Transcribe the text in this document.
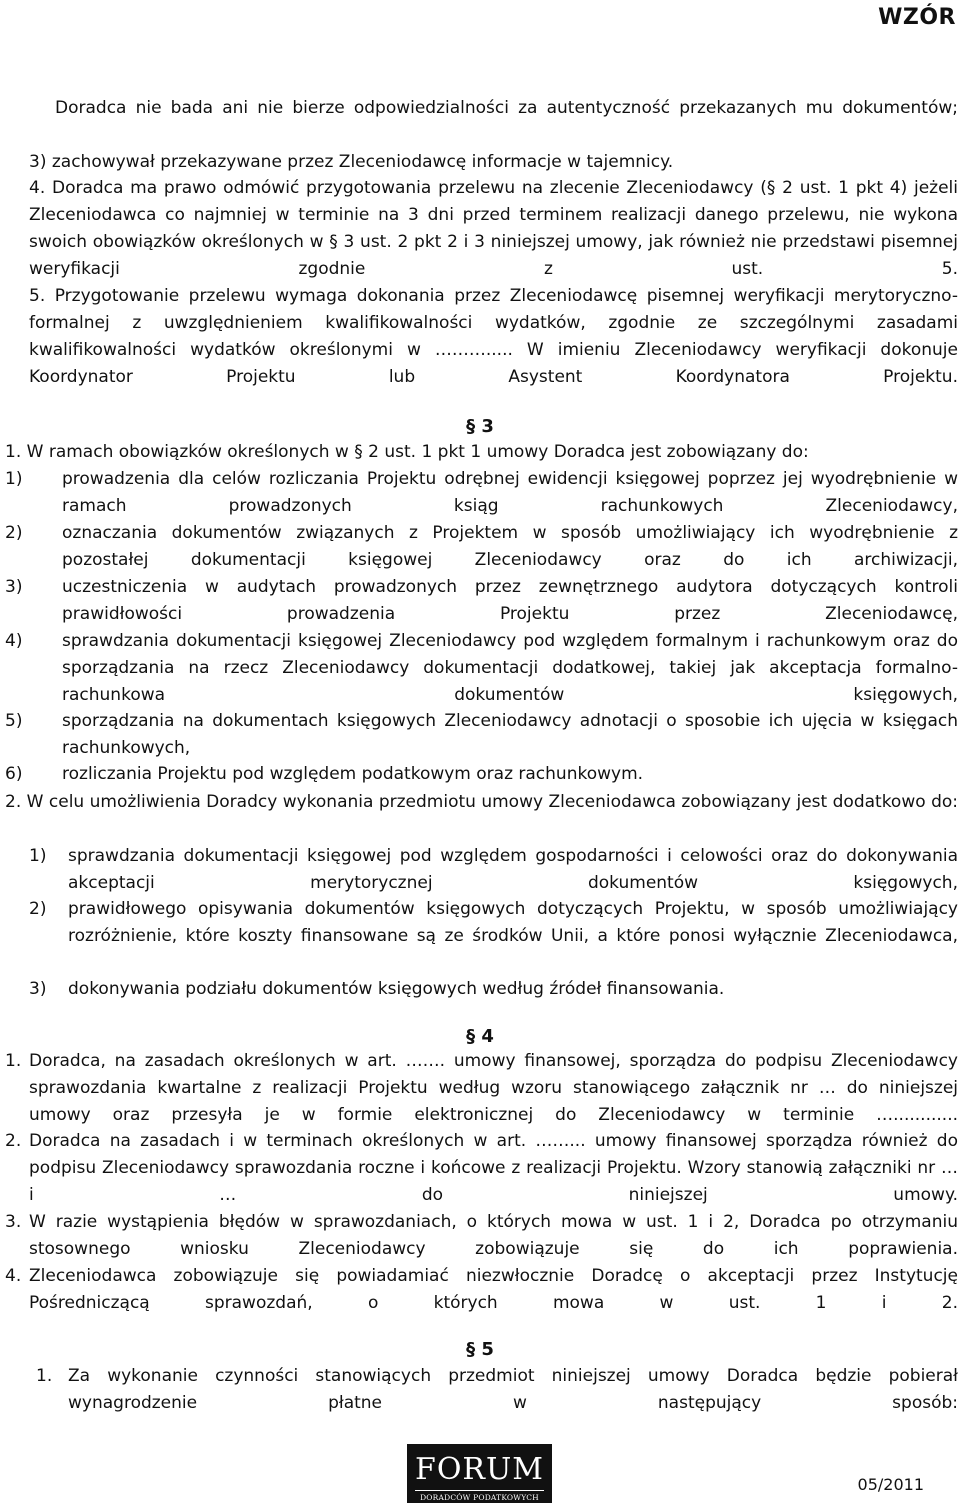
WZÓR

Doradca nie bada ani nie bierze odpowiedzialności za autentyczność przekazanych mu dokumentów;

3) zachowywał przekazywane przez Zleceniodawcę informacje w tajemnicy.

4. Doradca ma prawo odmówić przygotowania przelewu na zlecenie Zleceniodawcy (§ 2 ust. 1 pkt 4) jeżeli Zleceniodawca co najmniej w terminie na 3 dni przed terminem realizacji danego przelewu, nie wykona swoich obowiązków określonych w § 3 ust. 2 pkt 2 i 3 niniejszej umowy, jak również nie przedstawi pisemnej weryfikacji zgodnie z ust. 5.

5. Przygotowanie przelewu wymaga dokonania przez Zleceniodawcę pisemnej weryfikacji merytoryczno-formalnej z uwzględnieniem kwalifikowalności wydatków, zgodnie ze szczególnymi zasadami kwalifikowalności wydatków określonymi w ………..... W imieniu Zleceniodawcy weryfikacji dokonuje Koordynator Projektu lub Asystent Koordynatora Projektu.

§ 3

1. W ramach obowiązków określonych w § 2 ust. 1 pkt 1 umowy Doradca jest zobowiązany do:

1) prowadzenia dla celów rozliczania Projektu odrębnej ewidencji księgowej poprzez jej wyodrębnienie w ramach prowadzonych ksiąg rachunkowych Zleceniodawcy,

2) oznaczania dokumentów związanych z Projektem w sposób umożliwiający ich wyodrębnienie z pozostałej dokumentacji księgowej Zleceniodawcy oraz do ich archiwizacji,

3) uczestniczenia w audytach prowadzonych przez zewnętrznego audytora dotyczących kontroli prawidłowości prowadzenia Projektu przez Zleceniodawcę,

4) sprawdzania dokumentacji księgowej Zleceniodawcy pod względem formalnym i rachunkowym oraz do sporządzania na rzecz Zleceniodawcy dokumentacji dodatkowej, takiej jak akceptacja formalno-rachunkowa dokumentów księgowych,

5) sporządzania na dokumentach księgowych Zleceniodawcy adnotacji o sposobie ich ujęcia w księgach rachunkowych,

6) rozliczania Projektu pod względem podatkowym oraz rachunkowym.

2. W celu umożliwienia Doradcy wykonania przedmiotu umowy Zleceniodawca zobowiązany jest dodatkowo do:

1) sprawdzania dokumentacji księgowej pod względem gospodarności i celowości oraz do dokonywania akceptacji merytorycznej dokumentów księgowych,

2) prawidłowego opisywania dokumentów księgowych dotyczących Projektu, w sposób umożliwiający rozróżnienie, które koszty finansowane są ze środków Unii, a które ponosi wyłącznie Zleceniodawca,

3) dokonywania podziału dokumentów księgowych według źródeł finansowania.

§ 4
1. Doradca, na zasadach określonych w art. ……. umowy finansowej, sporządza do podpisu Zleceniodawcy sprawozdania kwartalne z realizacji Projektu według wzoru stanowiącego załącznik nr … do niniejszej umowy oraz przesyła je w formie elektronicznej do Zleceniodawcy w terminie …............

2. Doradca na zasadach i w terminach określonych w art. ……... umowy finansowej sporządza również do podpisu Zleceniodawcy sprawozdania roczne i końcowe z realizacji Projektu. Wzory stanowią załączniki nr … i … do niniejszej umowy.

3. W razie wystąpienia błędów w sprawozdaniach, o których mowa w ust. 1 i 2, Doradca po otrzymaniu stosownego wniosku Zleceniodawcy zobowiązuje się do ich poprawienia.

4. Zleceniodawca zobowiązuje się powiadamiać niezwłocznie Doradcę o akceptacji przez Instytucję Pośredniczącą sprawozdań, o których mowa w ust. 1 i 2.

§ 5
1. Za wykonanie czynności stanowiących przedmiot niniejszej umowy Doradca będzie pobierał wynagrodzenie płatne w następujący sposób:

FORUM
DORADCÓW PODATKOWYCH
05/2011
